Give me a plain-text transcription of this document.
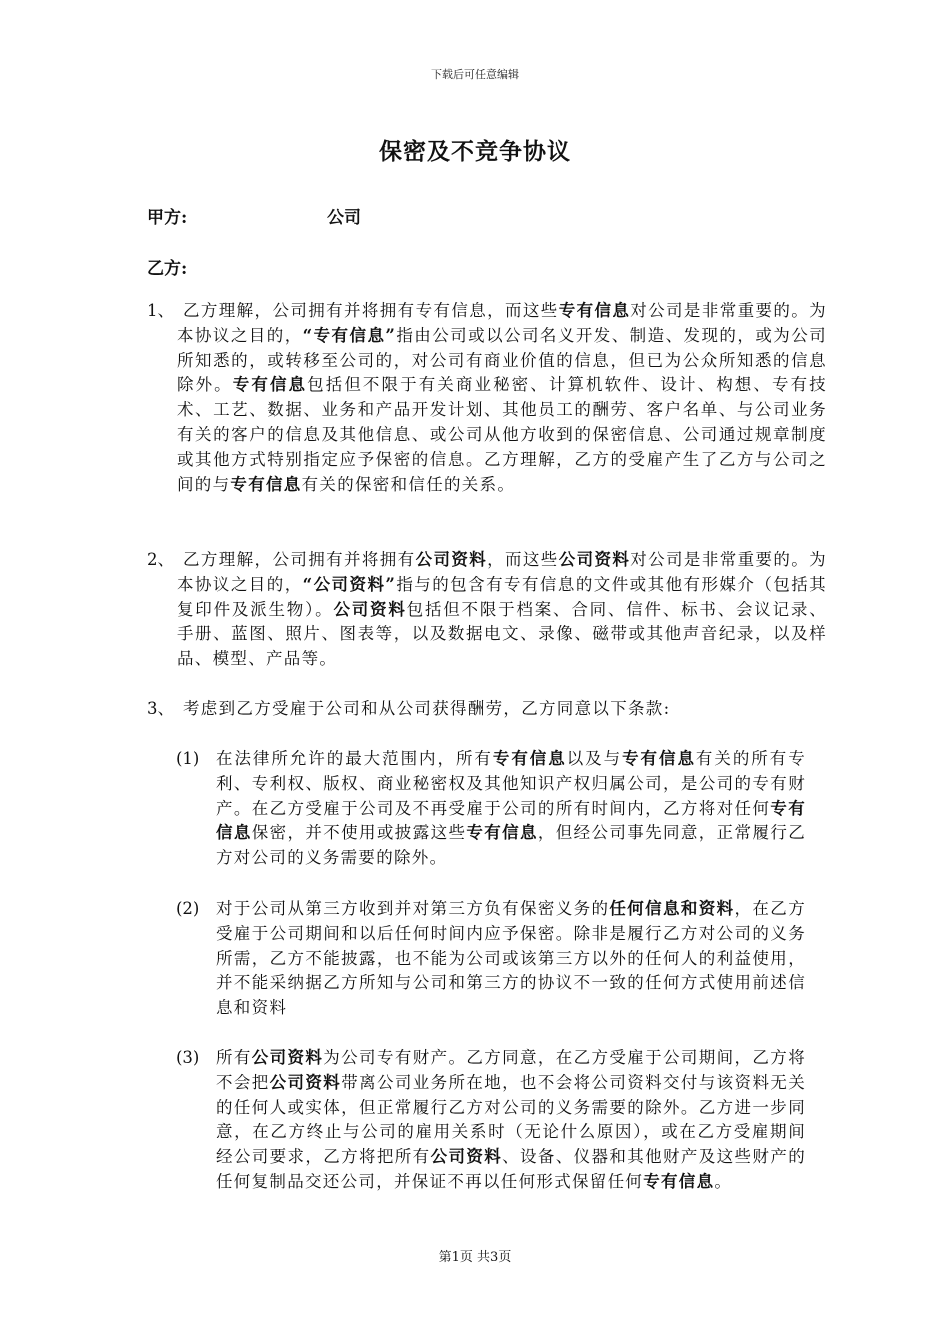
下载后可任意编辑
保密及不竞争协议
甲方:	公司
乙方:
1、 乙方理解，公司拥有并将拥有专有信息，而这些专有信息对公司是非常重要的。为本协议之目的，“专有信息”指由公司或以公司名义开发、制造、发现的，或为公司所知悉的，或转移至公司的，对公司有商业价值的信息，但已为公众所知悉的信息除外。专有信息包括但不限于有关商业秘密、计算机软件、设计、构想、专有技术、工艺、数据、业务和产品开发计划、其他员工的酬劳、客户名单、与公司业务有关的客户的信息及其他信息、或公司从他方收到的保密信息、公司通过规章制度或其他方式特别指定应予保密的信息。乙方理解，乙方的受雇产生了乙方与公司之间的与专有信息有关的保密和信任的关系。
2、 乙方理解，公司拥有并将拥有公司资料，而这些公司资料对公司是非常重要的。为本协议之目的，“公司资料”指与的包含有专有信息的文件或其他有形媒介（包括其复印件及派生物）。公司资料包括但不限于档案、合同、信件、标书、会议记录、手册、蓝图、照片、图表等，以及数据电文、录像、磁带或其他声音纪录，以及样品、模型、产品等。
3、 考虑到乙方受雇于公司和从公司获得酬劳，乙方同意以下条款:
(1) 在法律所允许的最大范围内，所有专有信息以及与专有信息有关的所有专利、专利权、版权、商业秘密权及其他知识产权归属公司，是公司的专有财产。在乙方受雇于公司及不再受雇于公司的所有时间内，乙方将对任何专有信息保密，并不使用或披露这些专有信息，但经公司事先同意，正常履行乙方对公司的义务需要的除外。
(2) 对于公司从第三方收到并对第三方负有保密义务的任何信息和资料，在乙方受雇于公司期间和以后任何时间内应予保密。除非是履行乙方对公司的义务所需，乙方不能披露，也不能为公司或该第三方以外的任何人的利益使用，并不能采纳据乙方所知与公司和第三方的协议不一致的任何方式使用前述信息和资料
(3) 所有公司资料为公司专有财产。乙方同意，在乙方受雇于公司期间，乙方将不会把公司资料带离公司业务所在地，也不会将公司资料交付与该资料无关的任何人或实体，但正常履行乙方对公司的义务需要的除外。乙方进一步同意，在乙方终止与公司的雇用关系时（无论什么原因），或在乙方受雇期间经公司要求，乙方将把所有公司资料、设备、仪器和其他财产及这些财产的任何复制品交还公司，并保证不再以任何形式保留任何专有信息。
第1页 共3页
